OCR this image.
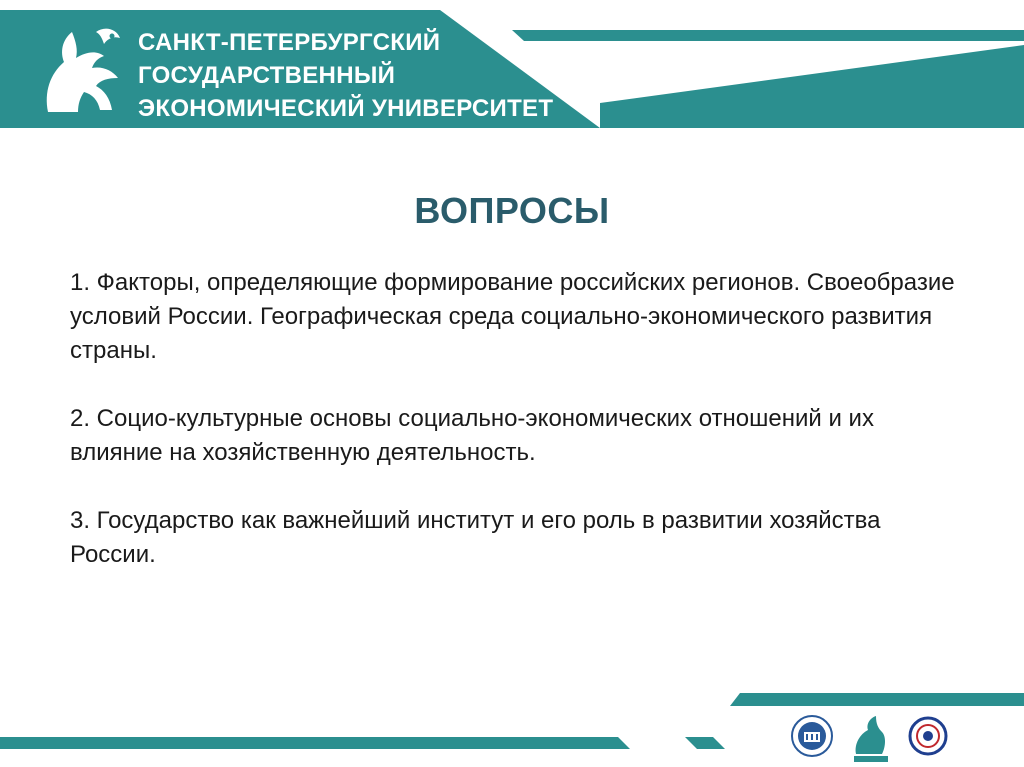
САНКТ-ПЕТЕРБУРГСКИЙ
ГОСУДАРСТВЕННЫЙ
ЭКОНОМИЧЕСКИЙ УНИВЕРСИТЕТ
ВОПРОСЫ

1. Факторы, определяющие формирование российских регионов. Своеобразие условий России. Географическая среда социально-экономического развития страны.

2. Социо-культурные основы социально-экономических отношений и их влияние на хозяйственную деятельность.

3. Государство как важнейший институт и его роль в развитии хозяйства России.
